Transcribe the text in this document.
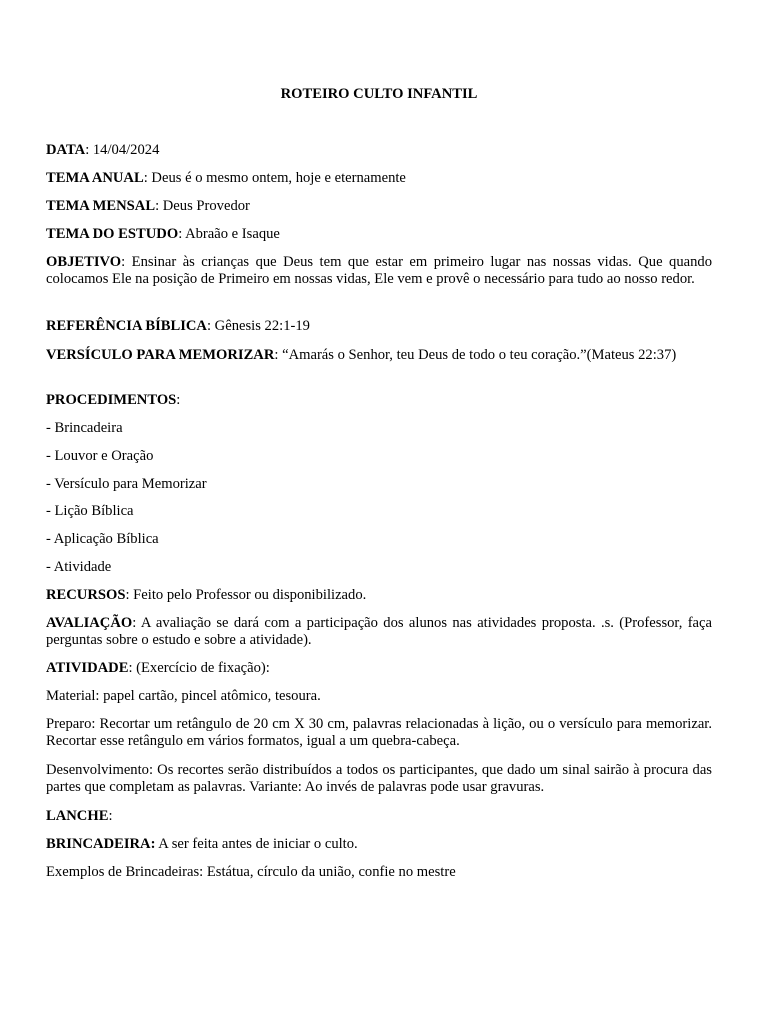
ROTEIRO CULTO INFANTIL
DATA: 14/04/2024
TEMA ANUAL: Deus é o mesmo ontem, hoje e eternamente
TEMA MENSAL: Deus Provedor
TEMA DO ESTUDO: Abraão e Isaque
OBJETIVO: Ensinar às crianças que Deus tem que estar em primeiro lugar nas nossas vidas. Que quando colocamos Ele na posição de Primeiro em nossas vidas, Ele vem e provê o necessário para tudo ao nosso redor.
REFERÊNCIA BÍBLICA: Gênesis 22:1-19
VERSÍCULO PARA MEMORIZAR: “Amarás o Senhor, teu Deus de todo o teu coração.”(Mateus 22:37)
PROCEDIMENTOS:
- Brincadeira
- Louvor e Oração
- Versículo para Memorizar
- Lição Bíblica
- Aplicação Bíblica
- Atividade
RECURSOS: Feito pelo Professor ou disponibilizado.
AVALIAÇÃO: A avaliação se dará com a participação dos alunos nas atividades proposta. .s. (Professor, faça perguntas sobre o estudo e sobre a atividade).
ATIVIDADE: (Exercício de fixação):
Material: papel cartão, pincel atômico, tesoura.
Preparo: Recortar um retângulo de 20 cm X 30 cm, palavras relacionadas à lição, ou o versículo para memorizar. Recortar esse retângulo em vários formatos, igual a um quebra-cabeça.
Desenvolvimento: Os recortes serão distribuídos a todos os participantes, que dado um sinal sairão à procura das partes que completam as palavras. Variante: Ao invés de palavras pode usar gravuras.
LANCHE:
BRINCADEIRA: A ser feita antes de iniciar o culto.
Exemplos de Brincadeiras: Estátua, círculo da união, confie no mestre
